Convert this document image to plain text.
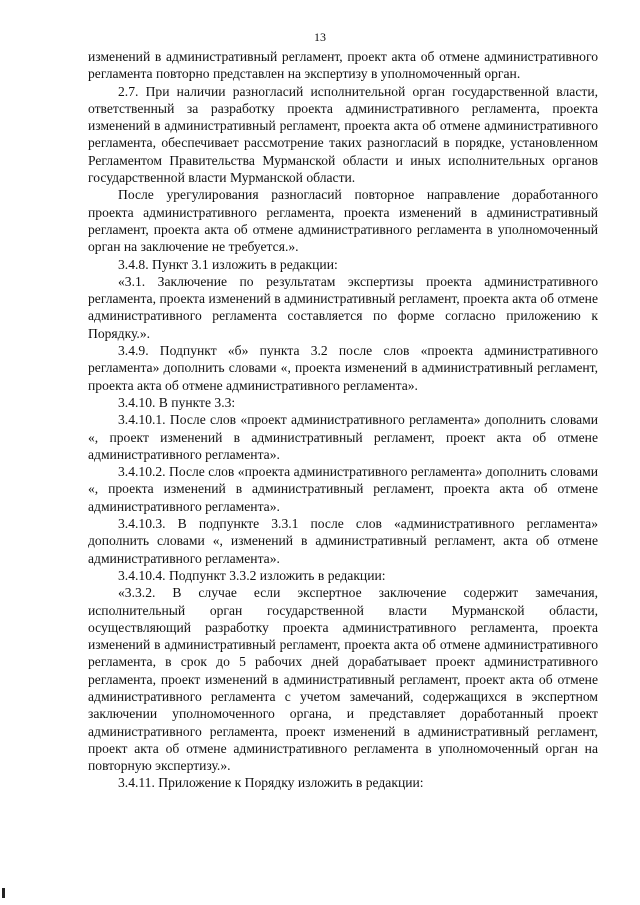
13

изменений в административный регламент, проект акта об отмене административного регламента повторно представлен на экспертизу в уполномоченный орган.

2.7. При наличии разногласий исполнительной орган государственной власти, ответственный за разработку проекта административного регламента, проекта изменений в административный регламент, проекта акта об отмене административного регламента, обеспечивает рассмотрение таких разногласий в порядке, установленном Регламентом Правительства Мурманской области и иных исполнительных органов государственной власти Мурманской области.

После урегулирования разногласий повторное направление доработанного проекта административного регламента, проекта изменений в административный регламент, проекта акта об отмене административного регламента в уполномоченный орган на заключение не требуется.».

3.4.8. Пункт 3.1 изложить в редакции:

«3.1. Заключение по результатам экспертизы проекта административного регламента, проекта изменений в административный регламент, проекта акта об отмене административного регламента составляется по форме согласно приложению к Порядку.».

3.4.9. Подпункт «б» пункта 3.2 после слов «проекта административного регламента» дополнить словами «, проекта изменений в административный регламент, проекта акта об отмене административного регламента».

3.4.10. В пункте 3.3:

3.4.10.1. После слов «проект административного регламента» дополнить словами «, проект изменений в административный регламент, проект акта об отмене административного регламента».

3.4.10.2. После слов «проекта административного регламента» дополнить словами «, проекта изменений в административный регламент, проекта акта об отмене административного регламента».

3.4.10.3. В подпункте 3.3.1 после слов «административного регламента» дополнить словами «, изменений в административный регламент, акта об отмене административного регламента».

3.4.10.4. Подпункт 3.3.2 изложить в редакции:

«3.3.2. В случае если экспертное заключение содержит замечания, исполнительный орган государственной власти Мурманской области, осуществляющий разработку проекта административного регламента, проекта изменений в административный регламент, проекта акта об отмене административного регламента, в срок до 5 рабочих дней дорабатывает проект административного регламента, проект изменений в административный регламент, проект акта об отмене административного регламента с учетом замечаний, содержащихся в экспертном заключении уполномоченного органа, и представляет доработанный проект административного регламента, проект изменений в административный регламент, проект акта об отмене административного регламента в уполномоченный орган на повторную экспертизу.».

3.4.11. Приложение к Порядку изложить в редакции:
